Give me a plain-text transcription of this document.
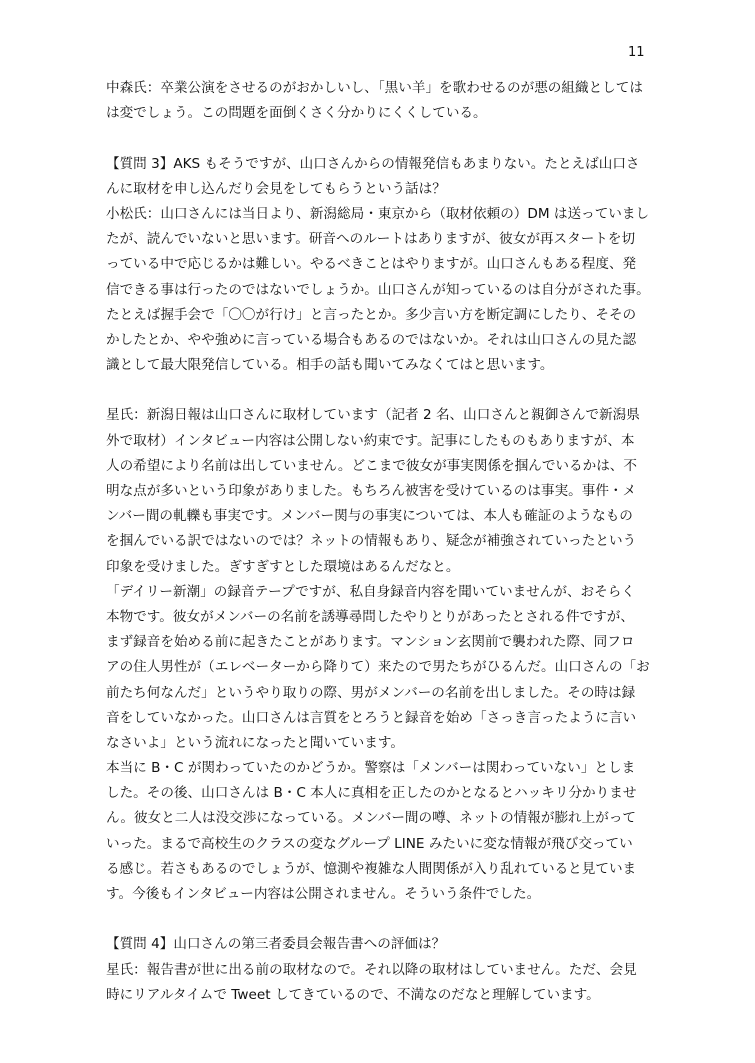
11
中森氏：卒業公演をさせるのがおかしいし、「黒い羊」を歌わせるのが悪の組織としては
は変でしょう。この問題を面倒くさく分かりにくくしている。
【質問 3】AKS もそうですが、山口さんからの情報発信もあまりない。たとえば山口さ
んに取材を申し込んだり会見をしてもらうという話は？
小松氏：山口さんには当日より、新潟総局・東京から（取材依頼の）DM は送っていまし
たが、読んでいないと思います。研音へのルートはありますが、彼女が再スタートを切
っている中で応じるかは難しい。やるべきことはやりますが。山口さんもある程度、発
信できる事は行ったのではないでしょうか。山口さんが知っているのは自分がされた事。
たとえば握手会で「〇〇が行け」と言ったとか。多少言い方を断定調にしたり、そその
かしたとか、やや強めに言っている場合もあるのではないか。それは山口さんの見た認
識として最大限発信している。相手の話も聞いてみなくてはと思います。
星氏：新潟日報は山口さんに取材しています（記者 2 名、山口さんと親御さんで新潟県
外で取材）インタビュー内容は公開しない約束です。記事にしたものもありますが、本
人の希望により名前は出していません。どこまで彼女が事実関係を掴んでいるかは、不
明な点が多いという印象がありました。もちろん被害を受けているのは事実。事件・メ
ンバー間の軋轢も事実です。メンバー関与の事実については、本人も確証のようなもの
を掴んでいる訳ではないのでは？ネットの情報もあり、疑念が補強されていったという
印象を受けました。ぎすぎすとした環境はあるんだなと。
「デイリー新潮」の録音テープですが、私自身録音内容を聞いていませんが、おそらく
本物です。彼女がメンバーの名前を誘導尋問したやりとりがあったとされる件ですが、
まず録音を始める前に起きたことがあります。マンション玄関前で襲われた際、同フロ
アの住人男性が（エレベーターから降りて）来たので男たちがひるんだ。山口さんの「お
前たち何なんだ」というやり取りの際、男がメンバーの名前を出しました。その時は録
音をしていなかった。山口さんは言質をとろうと録音を始め「さっき言ったように言い
なさいよ」という流れになったと聞いています。
本当に B・C が関わっていたのかどうか。警察は「メンバーは関わっていない」としま
した。その後、山口さんは B・C 本人に真相を正したのかとなるとハッキリ分かりませ
ん。彼女と二人は没交渉になっている。メンバー間の噂、ネットの情報が膨れ上がって
いった。まるで高校生のクラスの変なグループ LINE みたいに変な情報が飛び交ってい
る感じ。若さもあるのでしょうが、憶測や複雑な人間関係が入り乱れていると見ていま
す。今後もインタビュー内容は公開されません。そういう条件でした。
【質問 4】山口さんの第三者委員会報告書への評価は？
星氏：報告書が世に出る前の取材なので。それ以降の取材はしていません。ただ、会見
時にリアルタイムで Tweet してきているので、不満なのだなと理解しています。
